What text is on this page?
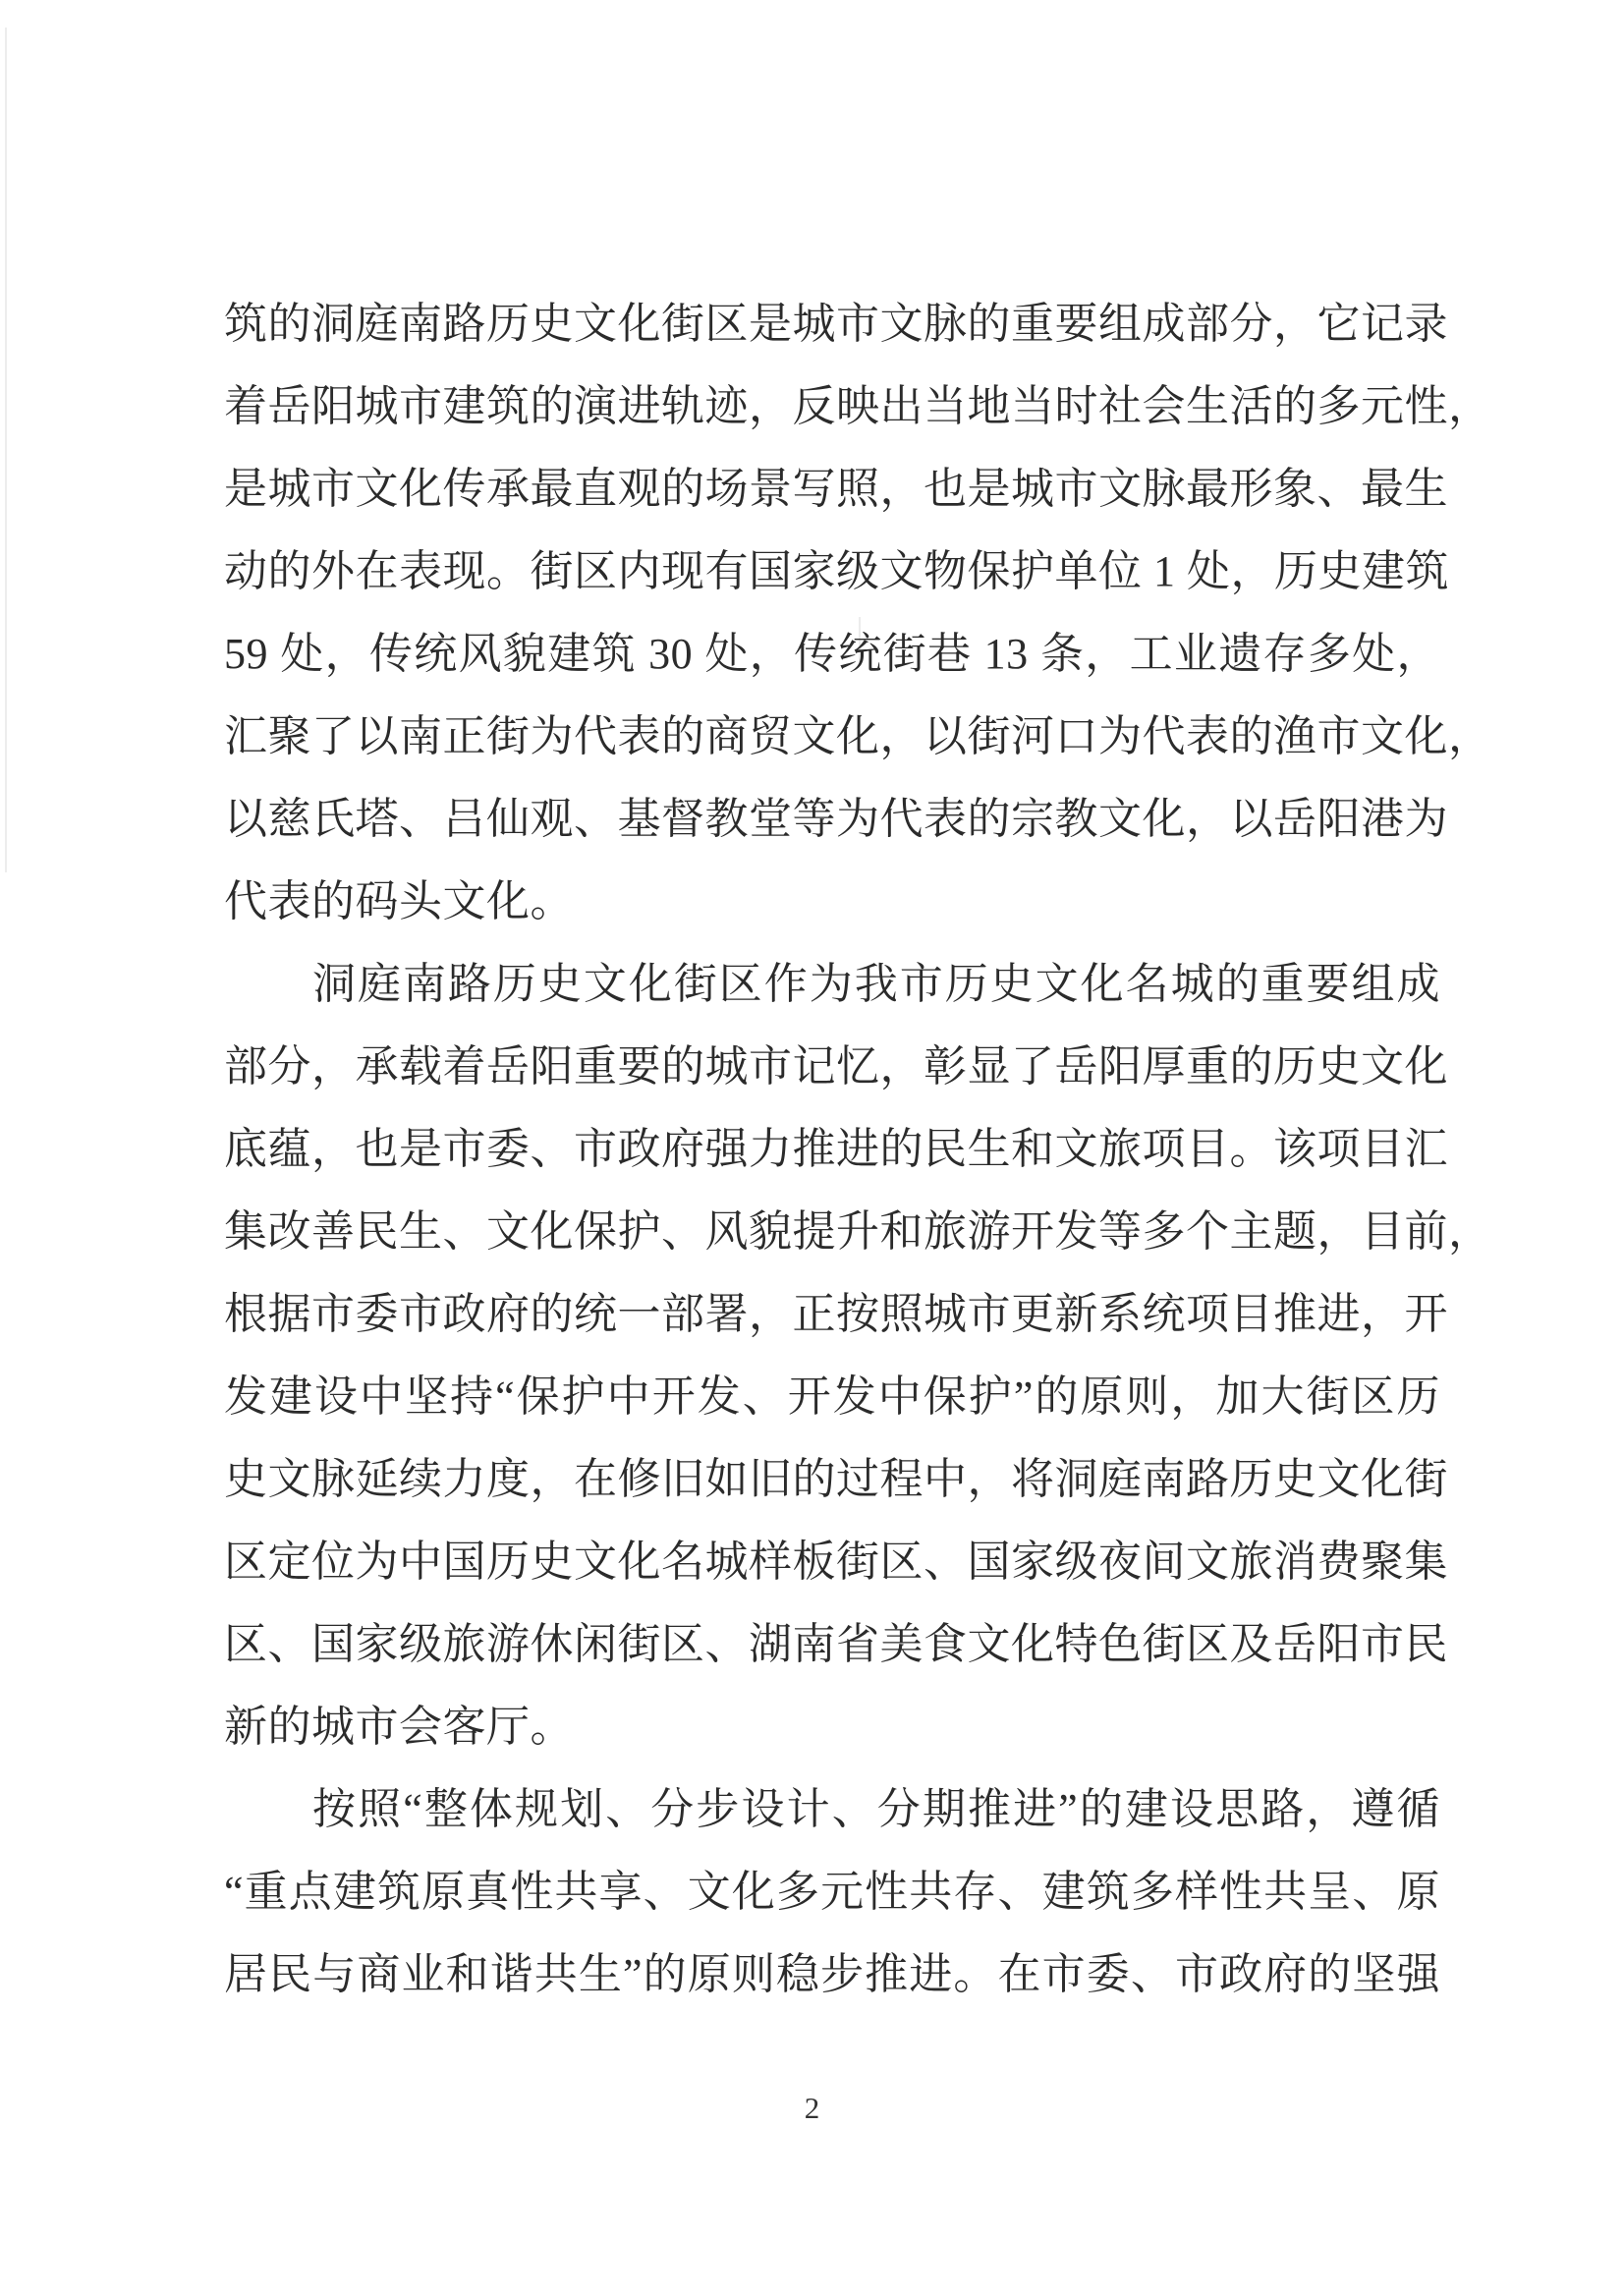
筑的洞庭南路历史文化街区是城市文脉的重要组成部分，它记录
着岳阳城市建筑的演进轨迹，反映出当地当时社会生活的多元性，
是城市文化传承最直观的场景写照，也是城市文脉最形象、最生
动的外在表现。街区内现有国家级文物保护单位 1 处，历史建筑
59 处，传统风貌建筑 30 处，传统街巷 13 条，工业遗存多处，
汇聚了以南正街为代表的商贸文化，以街河口为代表的渔市文化，
以慈氏塔、吕仙观、基督教堂等为代表的宗教文化，以岳阳港为
代表的码头文化。
洞庭南路历史文化街区作为我市历史文化名城的重要组成
部分，承载着岳阳重要的城市记忆，彰显了岳阳厚重的历史文化
底蕴，也是市委、市政府强力推进的民生和文旅项目。该项目汇
集改善民生、文化保护、风貌提升和旅游开发等多个主题，目前，
根据市委市政府的统一部署，正按照城市更新系统项目推进，开
发建设中坚持“保护中开发、开发中保护”的原则，加大街区历
史文脉延续力度，在修旧如旧的过程中，将洞庭南路历史文化街
区定位为中国历史文化名城样板街区、国家级夜间文旅消费聚集
区、国家级旅游休闲街区、湖南省美食文化特色街区及岳阳市民
新的城市会客厅。
按照“整体规划、分步设计、分期推进”的建设思路，遵循
“重点建筑原真性共享、文化多元性共存、建筑多样性共呈、原
居民与商业和谐共生”的原则稳步推进。在市委、市政府的坚强
2
